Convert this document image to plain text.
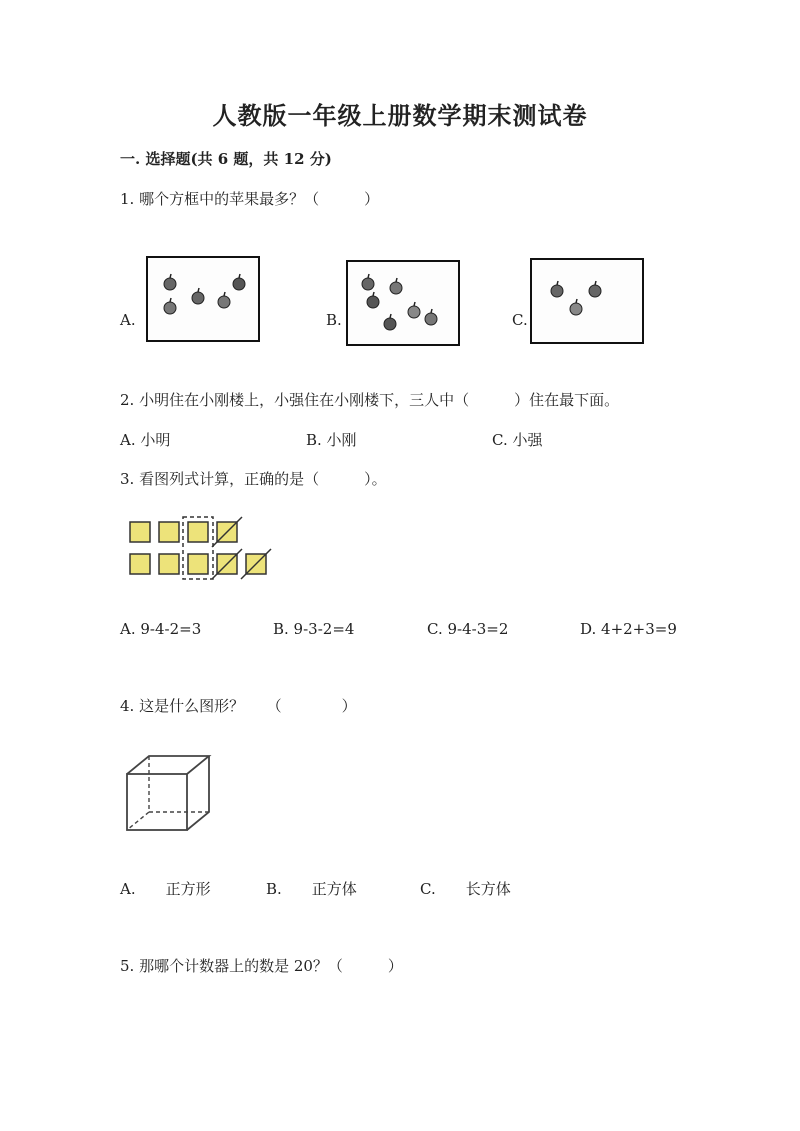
人教版一年级上册数学期末测试卷
一. 选择题(共 6 题，共 12 分)
1. 哪个方框中的苹果最多？（　　　）
A.	B.	C.
2. 小明住在小刚楼上，小强住在小刚楼下，三人中（　　　）住在最下面。
A. 小明	B. 小刚	C. 小强
3. 看图列式计算，正确的是（　　　）。
A. 9-4-2=3	B. 9-3-2=4	C. 9-4-3=2	D. 4+2+3=9
4. 这是什么图形？　　（　　　　）
A.　　正方形	B.　　正方体	C.　　长方体
5. 那哪个计数器上的数是 20？（　　　）
